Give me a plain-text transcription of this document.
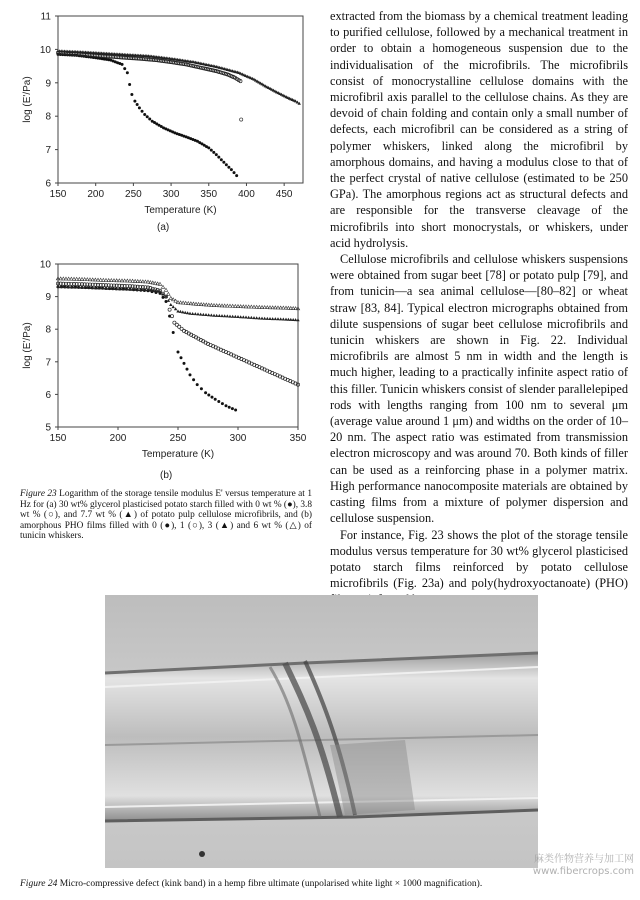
150 200 250 300 350 400 450
6
7
8
9
10
11
Temperature (K)
log (E'/Pa)
(a)
150	200	250	300	350
5
6
7
8
9
10
Temperature (K)
log (E'/Pa)
(b)
Figure 23 Logarithm of the storage tensile modulus E' versus temperature at 1 Hz for (a) 30 wt% glycerol plasticised potato starch filled with 0 wt % (●), 3.8 wt % (○), and 7.7 wt % (▲) of potato pulp cellulose microfibrils, and (b) amorphous PHO films filled with 0 (●), 1 (○), 3 (▲) and 6 wt % (△) of tunicin whiskers.

extracted from the biomass by a chemical treatment leading to purified cellulose, followed by a mechanical treatment in order to obtain a homogeneous suspension due to the individualisation of the microfibrils. The microfibrils consist of monocrystalline cellulose domains with the microfibril axis parallel to the cellulose chains. As they are devoid of chain folding and contain only a small number of defects, each microfibril can be considered as a string of polymer whiskers, linked along the microfibril by amorphous domains, and having a modulus close to that of the perfect crystal of native cellulose (estimated to be 250 GPa). The amorphous regions act as structural defects and are responsible for the transverse cleavage of the microfibrils into short monocrystals, or whiskers, under acid hydrolysis.

Cellulose microfibrils and cellulose whiskers suspensions were obtained from sugar beet [78] or potato pulp [79], and from tunicin—a sea animal cellulose—[80–82] or wheat straw [83, 84]. Typical electron micrographs obtained from dilute suspensions of sugar beet cellulose microfibrils and tunicin whiskers are shown in Fig. 22. Individual microfibrils are almost 5 nm in width and the length is much higher, leading to a practically infinite aspect ratio of this filler. Tunicin whiskers consist of slender parallelepiped rods with lengths ranging from 100 nm to several μm (average value around 1 μm) and widths on the order of 10–20 nm. The aspect ratio was estimated from transmission electron microscopy and was around 70. Both kinds of filler can be used as a reinforcing phase in a polymer matrix. High performance nanocomposite materials are obtained by casting films from a mixture of polymer dispersion and cellulose suspension.

For instance, Fig. 23 shows the plot of the storage tensile modulus versus temperature for 30 wt% glycerol plasticised potato starch films reinforced by potato cellulose microfibrils (Fig. 23a) and poly(hydroxyoctanoate) (PHO)

Figure 24 Micro-compressive defect (kink band) in a hemp fibre ultimate (unpolarised white light × 1000 magnification).
麻类作物营养与加工网
www.fibercrops.com
